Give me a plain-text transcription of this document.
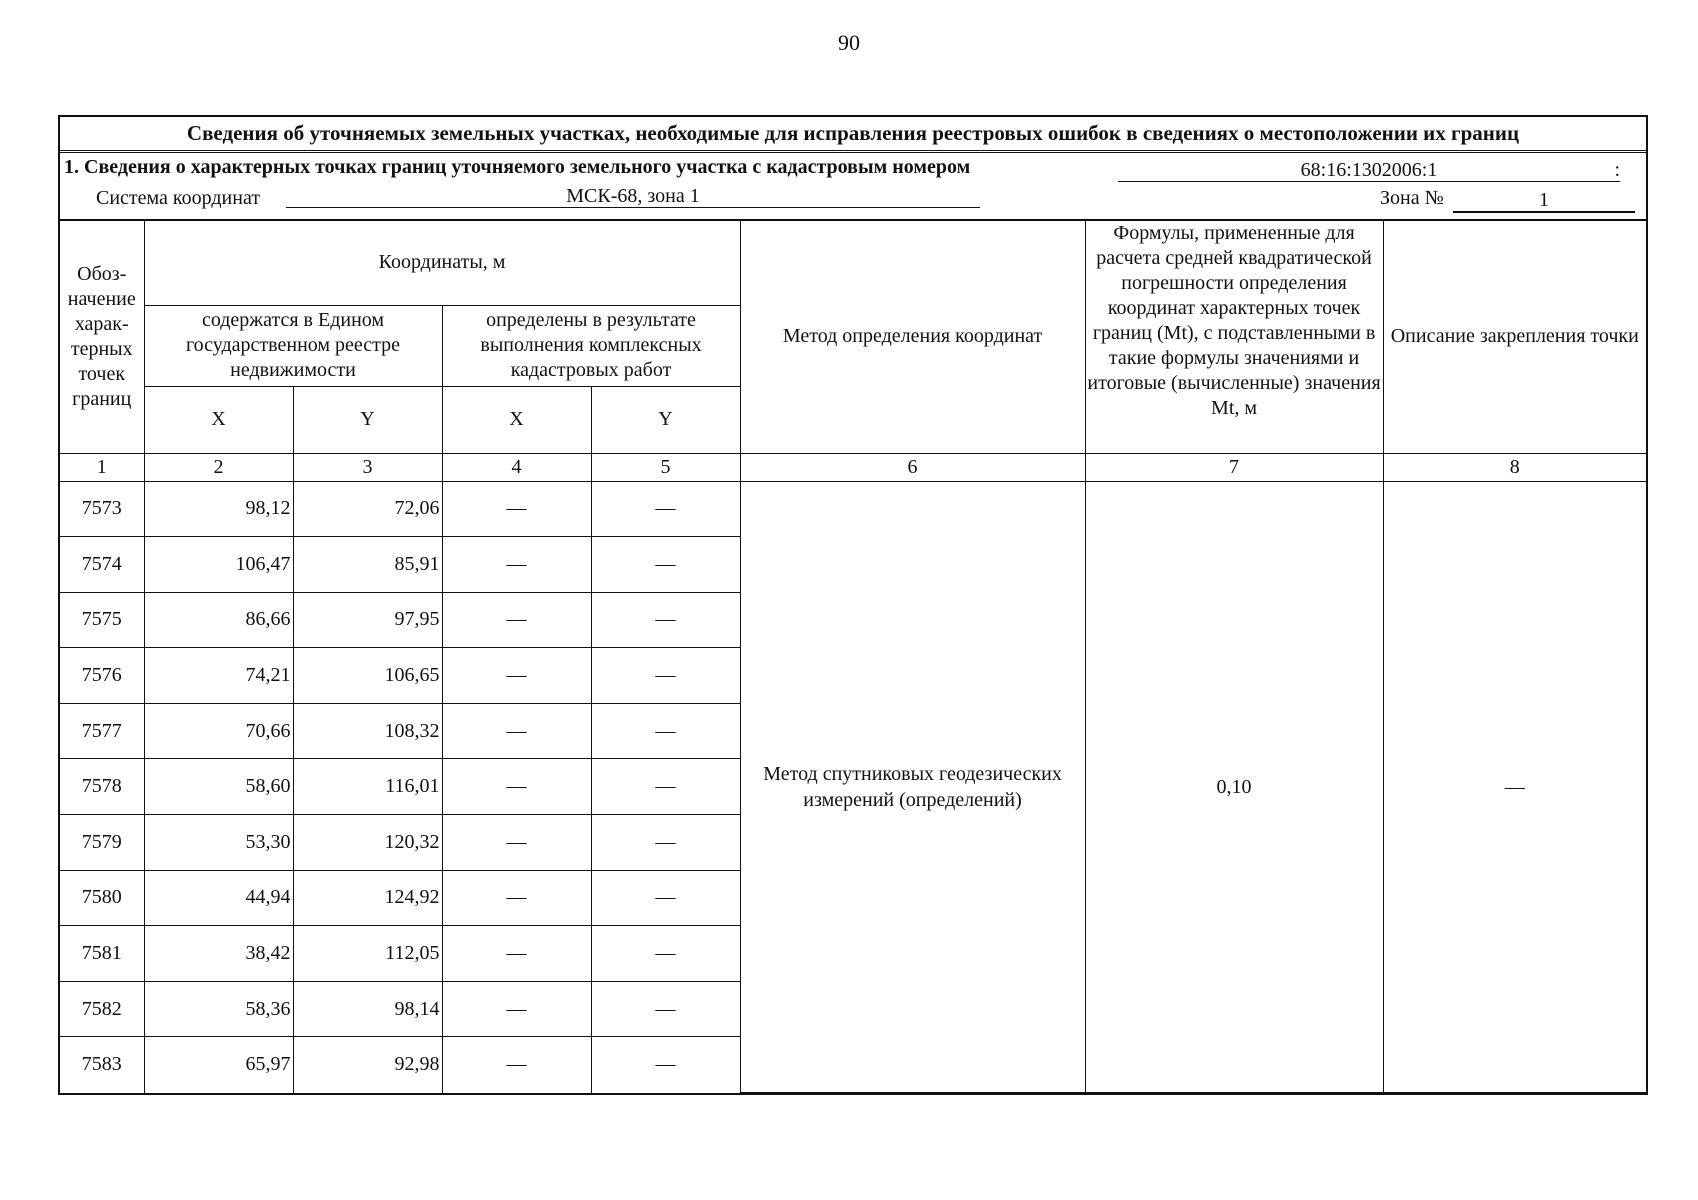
90
Сведения об уточняемых земельных участках, необходимые для исправления реестровых ошибок в сведениях о местоположении их границ
1. Сведения о характерных точках границ уточняемого земельного участка с кадастровым номером	68:16:1302006:1	:
Система координат	МСК-68, зона 1	Зона №	1
Обоз-начение харак-терных точек границ	Координаты, м				Метод определения координат	Формулы, примененные для расчета средней квадратической погрешности определения координат характерных точек границ (Mt), с подставленными в такие формулы значениями и итоговые (вычисленные) значения Mt, м	Описание закрепления точки
	содержатся в Едином государственном реестре недвижимости		определены в результате выполнения комплексных кадастровых работ				
	X	Y	X	Y			
1	2	3	4	5	6	7	8
7573	98,12	72,06	—	—	Метод спутниковых геодезических измерений (определений)	0,10	—
7574	106,47	85,91	—	—			
7575	86,66	97,95	—	—			
7576	74,21	106,65	—	—			
7577	70,66	108,32	—	—			
7578	58,60	116,01	—	—			
7579	53,30	120,32	—	—			
7580	44,94	124,92	—	—			
7581	38,42	112,05	—	—			
7582	58,36	98,14	—	—			
7583	65,97	92,98	—	—			
